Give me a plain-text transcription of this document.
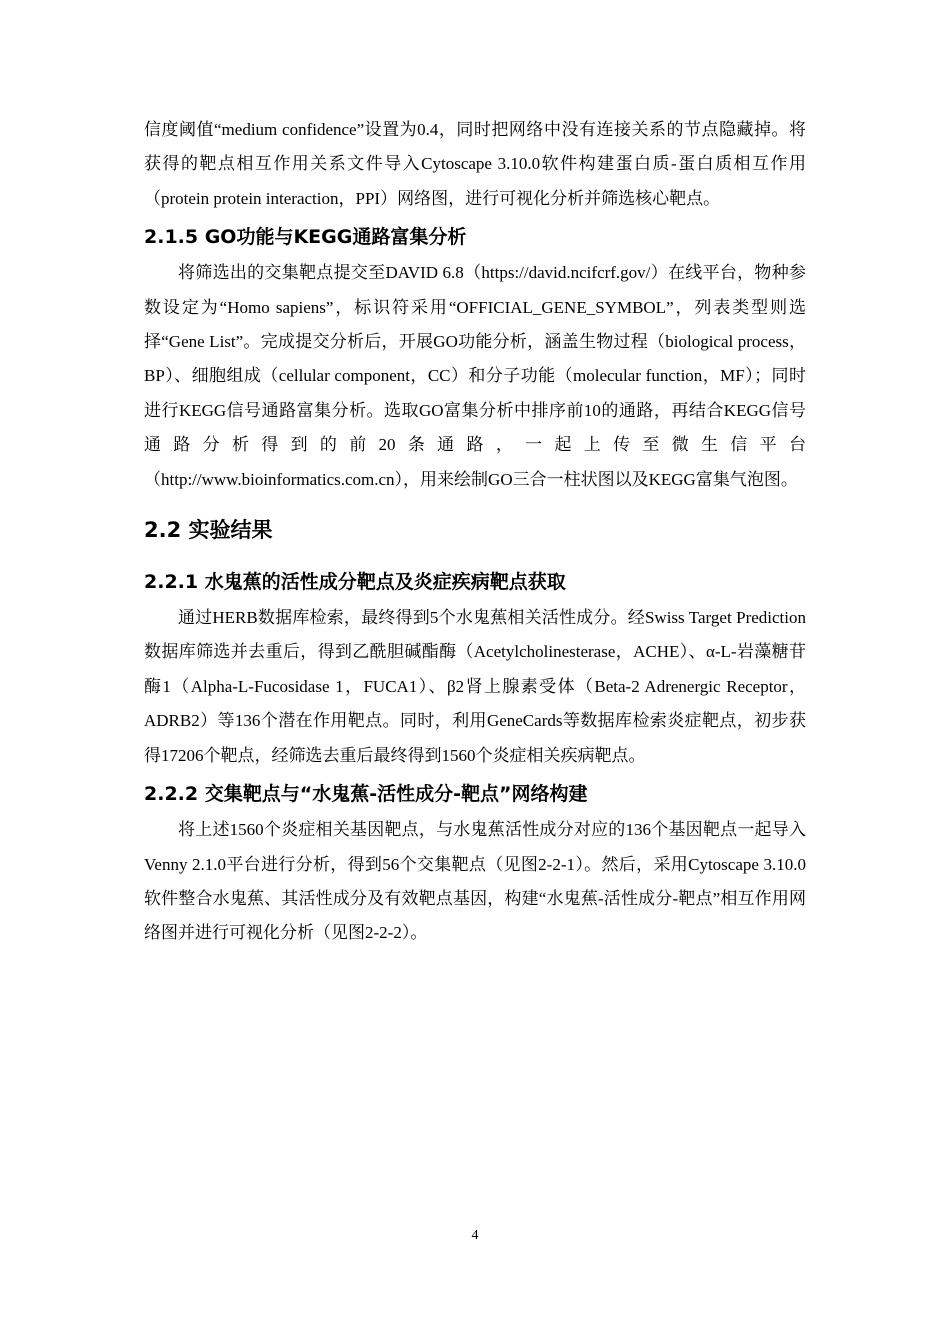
信度阈值“medium confidence”设置为0.4，同时把网络中没有连接关系的节点隐藏掉。将获得的靶点相互作用关系文件导入Cytoscape 3.10.0软件构建蛋白质-蛋白质相互作用（protein protein interaction，PPI）网络图，进行可视化分析并筛选核心靶点。

2.1.5 GO功能与KEGG通路富集分析

将筛选出的交集靶点提交至DAVID 6.8（https://david.ncifcrf.gov/）在线平台，物种参数设定为“Homo sapiens”，标识符采用“OFFICIAL_GENE_SYMBOL”，列表类型则选择“Gene List”。完成提交分析后，开展GO功能分析，涵盖生物过程（biological process，BP）、细胞组成（cellular component，CC）和分子功能（molecular function，MF）；同时进行KEGG信号通路富集分析。选取GO富集分析中排序前10的通路，再结合KEGG信号通路分析得到的前20条通路，一起上传至微生信平台（http://www.bioinformatics.com.cn），用来绘制GO三合一柱状图以及KEGG富集气泡图。

2.2 实验结果
2.2.1 水鬼蕉的活性成分靶点及炎症疾病靶点获取

通过HERB数据库检索，最终得到5个水鬼蕉相关活性成分。经Swiss Target Prediction 数据库筛选并去重后，得到乙酰胆碱酯酶（Acetylcholinesterase，ACHE）、α-L-岩藻糖苷酶1（Alpha-L-Fucosidase 1，FUCA1）、β2肾上腺素受体（Beta-2 Adrenergic Receptor，ADRB2）等136个潜在作用靶点。同时，利用GeneCards等数据库检索炎症靶点，初步获得17206个靶点，经筛选去重后最终得到1560个炎症相关疾病靶点。

2.2.2 交集靶点与“水鬼蕉-活性成分-靶点”网络构建

将上述1560个炎症相关基因靶点，与水鬼蕉活性成分对应的136个基因靶点一起导入Venny 2.1.0平台进行分析，得到56个交集靶点（见图2-2-1）。然后，采用Cytoscape 3.10.0软件整合水鬼蕉、其活性成分及有效靶点基因，构建“水鬼蕉-活性成分-靶点”相互作用网络图并进行可视化分析（见图2-2-2）。

4
